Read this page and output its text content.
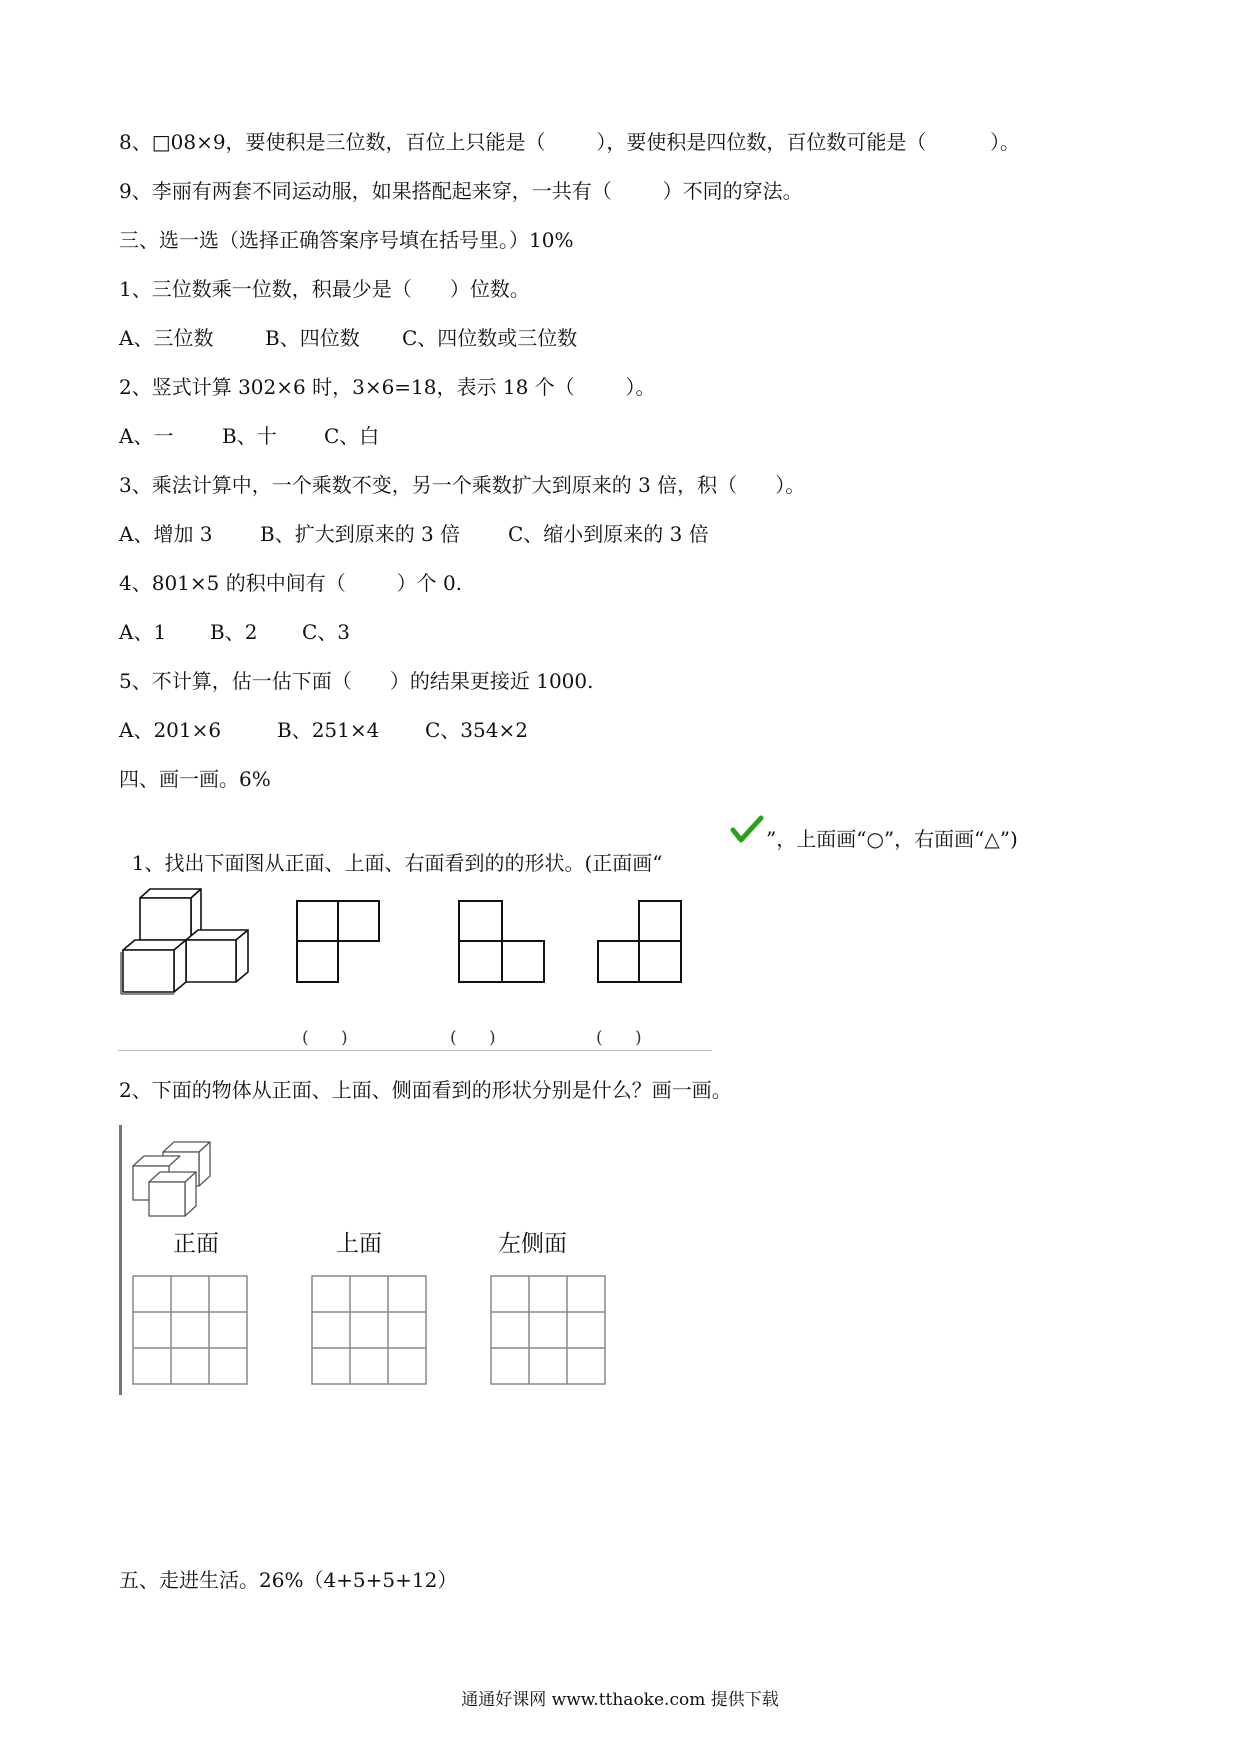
8、□08×9，要使积是三位数，百位上只能是（        ），要使积是四位数，百位数可能是（          ）。
9、李丽有两套不同运动服，如果搭配起来穿，一共有（        ）不同的穿法。
三、选一选（选择正确答案序号填在括号里。）10%
1、三位数乘一位数，积最少是（      ）位数。
A、三位数	B、四位数 C、四位数或三位数
2、竖式计算 302×6 时，3×6=18，表示 18 个（        ）。
A、一 B、十 C、白
3、乘法计算中，一个乘数不变，另一个乘数扩大到原来的 3 倍，积（      ）。
A、增加 3 B、扩大到原来的 3 倍 C、缩小到原来的 3 倍
4、801×5 的积中间有（        ）个 0.
A、1 B、2 C、3
5、不计算，估一估下面（      ）的结果更接近 1000.
A、201×6	B、251×4 C、354×2
四、画一画。6%

1、找出下面图从正面、上面、右面看到的的形状。(正面画“

”，上面画“○”，右面画“△”)
(      )	(      )	(      )
2、下面的物体从正面、上面、侧面看到的形状分别是什么？画一画。
正面	上面	左侧面
五、走进生活。26%（4+5+5+12）
通通好课网 www.tthaoke.com 提供下载
